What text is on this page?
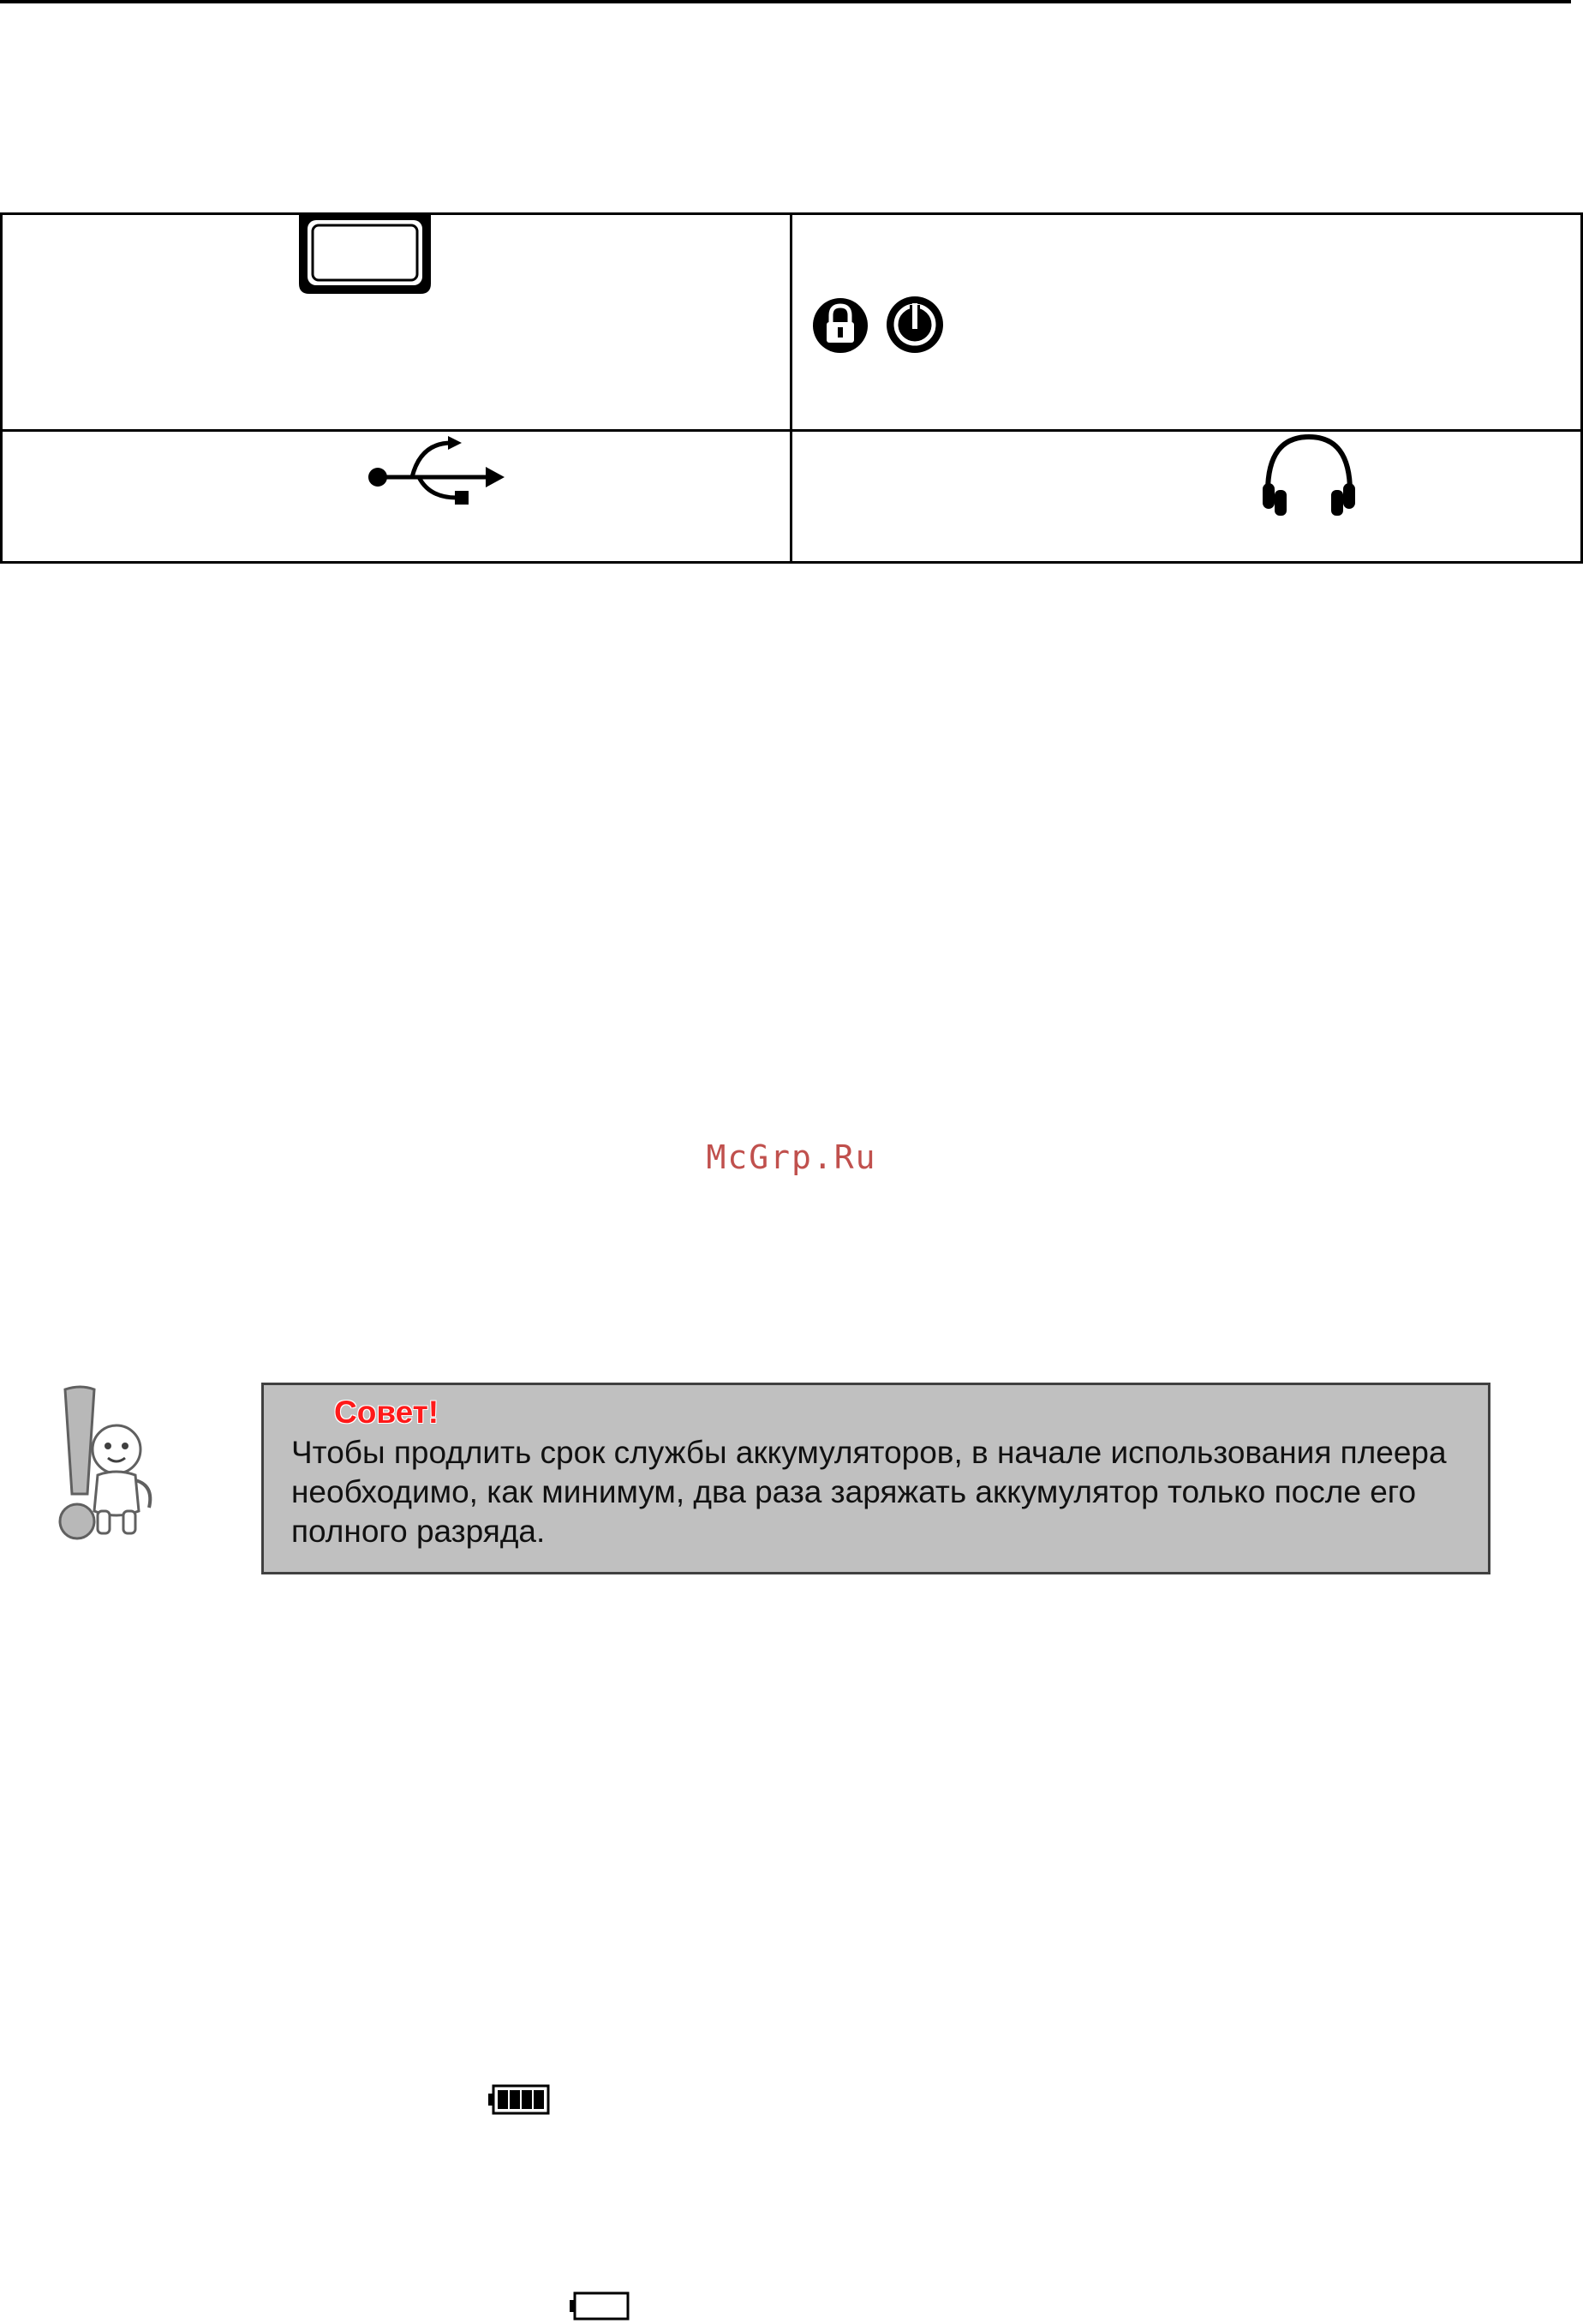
McGrp.Ru
Совет!
Чтобы продлить срок службы аккумуляторов, в начале использования плеера необходимо, как минимум, два раза заряжать аккумулятор только после его полного разряда.
